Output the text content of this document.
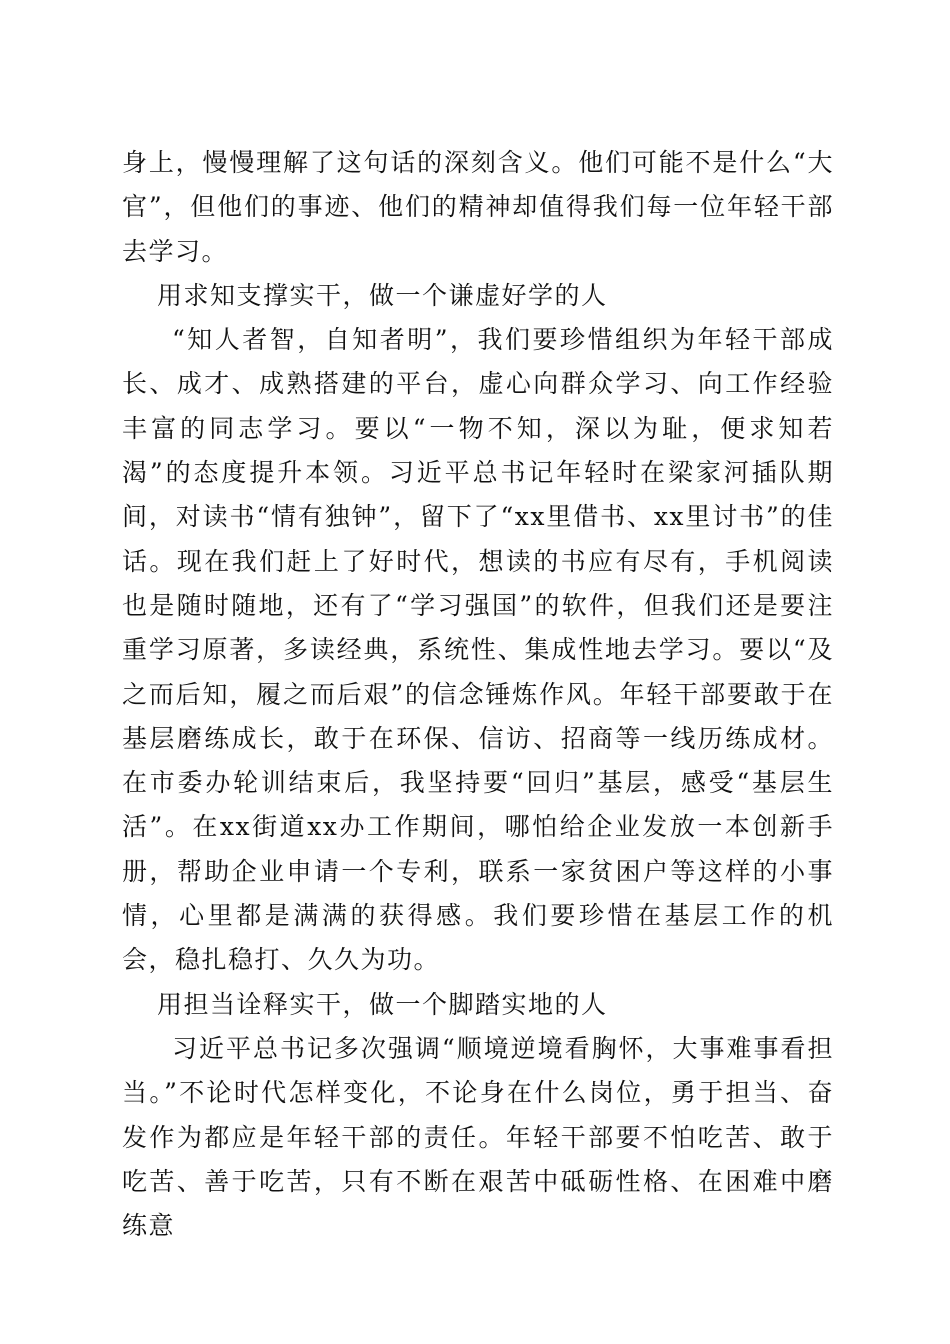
身上，慢慢理解了这句话的深刻含义。他们可能不是什么“大官”，但他们的事迹、他们的精神却值得我们每一位年轻干部去学习。

用求知支撑实干，做一个谦虚好学的人

“知人者智，自知者明”，我们要珍惜组织为年轻干部成长、成才、成熟搭建的平台，虚心向群众学习、向工作经验丰富的同志学习。要以“一物不知，深以为耻，便求知若渴”的态度提升本领。习近平总书记年轻时在梁家河插队期间，对读书“情有独钟”，留下了“xx里借书、xx里讨书”的佳话。现在我们赶上了好时代，想读的书应有尽有，手机阅读也是随时随地，还有了“学习强国”的软件，但我们还是要注重学习原著，多读经典，系统性、集成性地去学习。要以“及之而后知，履之而后艰”的信念锤炼作风。年轻干部要敢于在基层磨练成长，敢于在环保、信访、招商等一线历练成材。在市委办轮训结束后，我坚持要“回归”基层，感受“基层生活”。在xx街道xx办工作期间，哪怕给企业发放一本创新手册，帮助企业申请一个专利，联系一家贫困户等这样的小事情，心里都是满满的获得感。我们要珍惜在基层工作的机会，稳扎稳打、久久为功。

用担当诠释实干，做一个脚踏实地的人

习近平总书记多次强调“顺境逆境看胸怀，大事难事看担当。”不论时代怎样变化，不论身在什么岗位，勇于担当、奋发作为都应是年轻干部的责任。年轻干部要不怕吃苦、敢于吃苦、善于吃苦，只有不断在艰苦中砥砺性格、在困难中磨练意
